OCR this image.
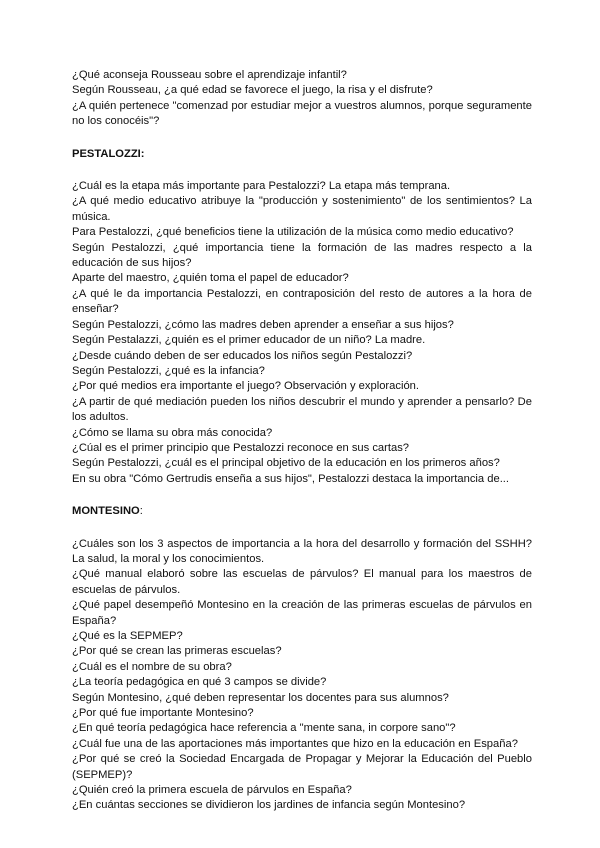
¿Qué aconseja Rousseau sobre el aprendizaje infantil?

Según Rousseau, ¿a qué edad se favorece el juego, la risa y el disfrute?

¿A quién pertenece "comenzad por estudiar mejor a vuestros alumnos, porque seguramente no los conocéis"?

PESTALOZZI:

¿Cuál es la etapa más importante para Pestalozzi? La etapa más temprana.

¿A qué medio educativo atribuye la "producción y sostenimiento" de los sentimientos? La música.

Para Pestalozzi, ¿qué beneficios tiene la utilización de la música como medio educativo?

Según Pestalozzi, ¿qué importancia tiene la formación de las madres respecto a la educación de sus hijos?

Aparte del maestro, ¿quién toma el papel de educador?

¿A qué le da importancia Pestalozzi, en contraposición del resto de autores a la hora de enseñar?

Según Pestalozzi, ¿cómo las madres deben aprender a enseñar a sus hijos?

Según Pestalazzi, ¿quién es el primer educador de un niño? La madre.

¿Desde cuándo deben de ser educados los niños según Pestalozzi?

Según Pestalozzi, ¿qué es la infancia?

¿Por qué medios era importante el juego? Observación y exploración.

¿A partir de qué mediación pueden los niños descubrir el mundo y aprender a pensarlo? De los adultos.

¿Cómo se llama su obra más conocida?

¿Cúal es el primer principio que Pestalozzi reconoce en sus cartas?

Según Pestalozzi, ¿cuál es el principal objetivo de la educación en los primeros años?

En su obra "Cómo Gertrudis enseña a sus hijos", Pestalozzi destaca la importancia de...

MONTESINO:

¿Cuáles son los 3 aspectos de importancia a la hora del desarrollo y formación del SSHH? La salud, la moral y los conocimientos.

¿Qué manual elaboró sobre las escuelas de párvulos? El manual para los maestros de escuelas de párvulos.

¿Qué papel desempeñó Montesino en la creación de las primeras escuelas de párvulos en España?

¿Qué es la SEPMEP?

¿Por qué se crean las primeras escuelas?

¿Cuál es el nombre de su obra?

¿La teoría pedagógica en qué 3 campos se divide?

Según Montesino, ¿qué deben representar los docentes para sus alumnos?

¿Por qué fue importante Montesino?

¿En qué teoría pedagógica hace referencia a "mente sana, in corpore sano"?

¿Cuál fue una de las aportaciones más importantes que hizo en la educación en España?

¿Por qué se creó la Sociedad Encargada de Propagar y Mejorar la Educación del Pueblo (SEPMEP)?

¿Quién creó la primera escuela de párvulos en España?

¿En cuántas secciones se dividieron los jardines de infancia según Montesino?
